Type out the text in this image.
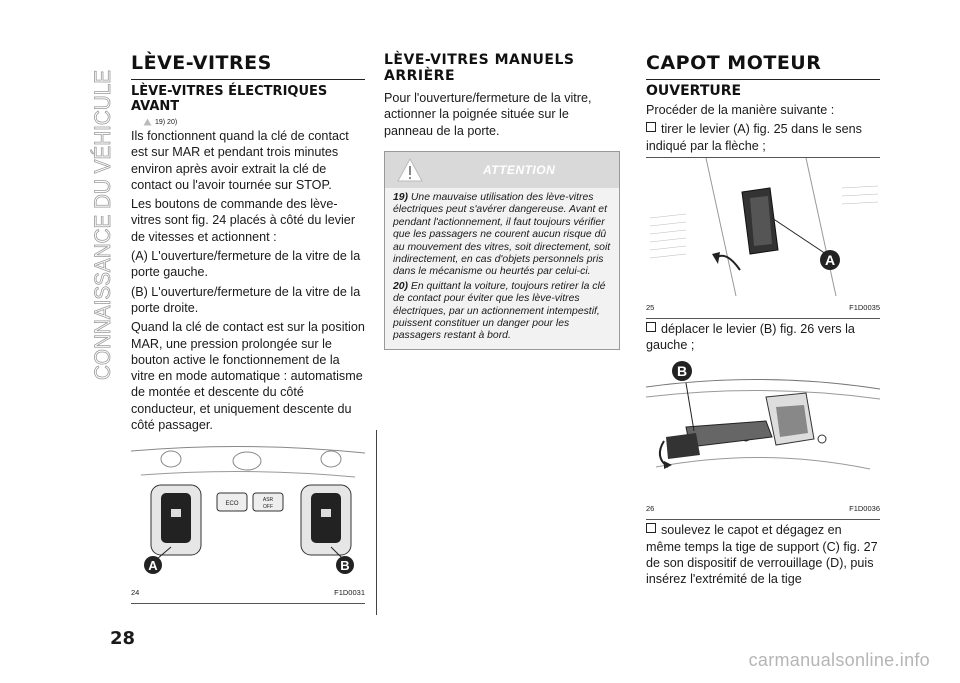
CONNAISSANCE DU VÉHICULE LÈVE-VITRES
LÈVE-VITRES ÉLECTRIQUES AVANT
19) 20)

Ils fonctionnent quand la clé de contact est sur MAR et pendant trois minutes environ après avoir extrait la clé de contact ou l'avoir tournée sur STOP.

Les boutons de commande des lève-vitres sont fig. 24 placés à côté du levier de vitesses et actionnent :

(A) L'ouverture/fermeture de la vitre de la porte gauche.

(B) L'ouverture/fermeture de la vitre de la porte droite.

Quand la clé de contact est sur la position MAR, une pression prolongée sur le bouton active le fonctionnement de la vitre en mode automatique : automatisme de montée et descente du côté conducteur, et uniquement descente du côté passager.

ECO
ASR
OFF
A	B
24	F1D0031
LÈVE-VITRES MANUELS ARRIÈRE

Pour l'ouverture/fermeture de la vitre, actionner la poignée située sur le panneau de la porte.

ATTENTION
19) Une mauvaise utilisation des lève-vitres électriques peut s'avérer dangereuse. Avant et pendant l'actionnement, il faut toujours vérifier que les passagers ne courent aucun risque dû au mouvement des vitres, soit directement, soit indirectement, en cas d'objets personnels pris dans le mécanisme ou heurtés par celui-ci.
20) En quittant la voiture, toujours retirer la clé de contact pour éviter que les lève-vitres électriques, par un actionnement intempestif, puissent constituer un danger pour les passagers restant à bord.
CAPOT MOTEUR
OUVERTURE

Procéder de la manière suivante :

tirer le levier (A) fig. 25 dans le sens indiqué par la flèche ;

A
25	F1D0035

déplacer le levier (B) fig. 26 vers la gauche ;

B
26	F1D0036

soulevez le capot et dégagez en même temps la tige de support (C) fig. 27 de son dispositif de verrouillage (D), puis insérez l'extrémité de la tige

28
carmanualsonline.info
